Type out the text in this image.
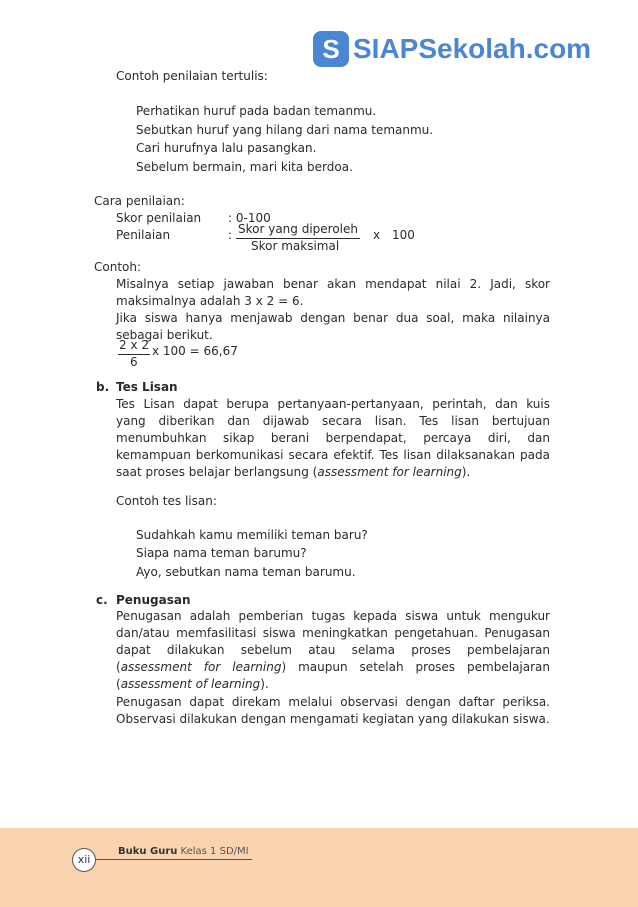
S SIAPSekolah.com
Contoh penilaian tertulis:
Perhatikan huruf pada badan temanmu.
Sebutkan huruf yang hilang dari nama temanmu.
Cari hurufnya lalu pasangkan.
Sebelum bermain, mari kita berdoa.
Cara penilaian:
Skor penilaian : 0-100
Penilaian	: Skor yang diperoleh
Skor maksimal
x 100
Contoh:
Misalnya setiap jawaban benar akan mendapat nilai 2. Jadi, skor maksimalnya adalah 3 x 2 = 6.
Jika siswa hanya menjawab dengan benar dua soal, maka nilainya sebagai berikut.
2 x 2
6
x 100 = 66,67
b. Tes Lisan
Tes Lisan dapat berupa pertanyaan-pertanyaan, perintah, dan kuis yang diberikan dan dijawab secara lisan. Tes lisan bertujuan menumbuhkan sikap berani berpendapat, percaya diri, dan kemampuan berkomunikasi secara efektif. Tes lisan dilaksanakan pada saat proses belajar berlangsung (assessment for learning).
Contoh tes lisan:
Sudahkah kamu memiliki teman baru?
Siapa nama teman barumu?
Ayo, sebutkan nama teman barumu.
c. Penugasan
Penugasan adalah pemberian tugas kepada siswa untuk mengukur dan/atau memfasilitasi siswa meningkatkan pengetahuan. Penugasan dapat dilakukan sebelum atau selama proses pembelajaran (assessment for learning) maupun setelah proses pembelajaran (assessment of learning).
Penugasan dapat direkam melalui observasi dengan daftar periksa. Observasi dilakukan dengan mengamati kegiatan yang dilakukan siswa.
xii
Buku Guru Kelas 1 SD/MI
